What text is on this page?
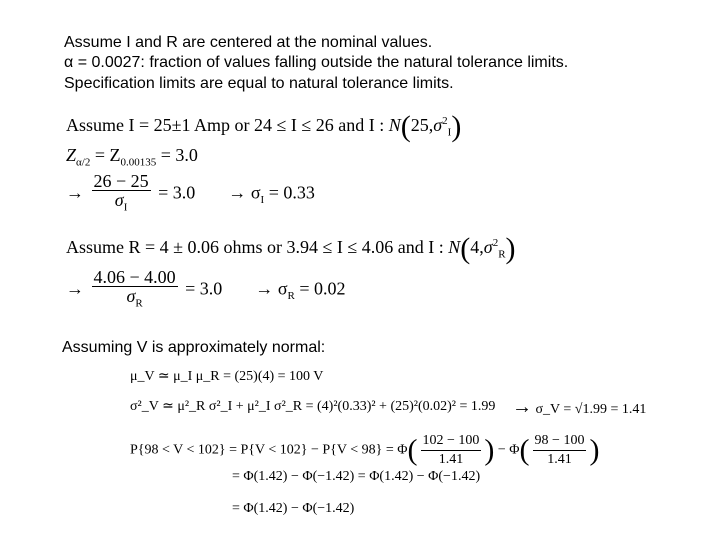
Assume I and R are centered at the nominal values.
α = 0.0027: fraction of values falling outside the natural tolerance limits.
Specification limits are equal to natural tolerance limits.
Assume I = 25±1 Amp or 24 ≤ I ≤ 26 and I : $N(25,\sigma^2_I)$
$Z_{\alpha/2} = Z_{0.00135} = 3.0$
→ $\frac{26 - 25}{\sigma_I} = 3.0 \to \sigma_I = 0.33$
Assume R = 4 ± 0.06 ohms or 3.94 ≤ I ≤ 4.06 and I : $N(4,\sigma^2_R)$
→ $\frac{4.06 - 4.00}{\sigma_R} = 3.0 \to \sigma_R = 0.02$
Assuming V is approximately normal:
μ_V ≃ μ_I μ_R = (25)(4) = 100 V
σ²_V ≃ μ²_R σ²_I + μ²_I σ²_R = (4)²(0.33)² + (25)²(0.02)² = 1.99 → σ_V = √1.99 = 1.41
$P\{98 < V < 102\} = P\{V < 102\} - P\{V < 98\} = \Phi( \frac{102 - 100}{1.41}$ ) − $\Phi( \frac{98 - 100}{1.41}$ )
= Φ(1.42) − Φ(−1.42) = Φ(1.42) − Φ(−1.42)
= Φ(1.42) − Φ(−1.42)
